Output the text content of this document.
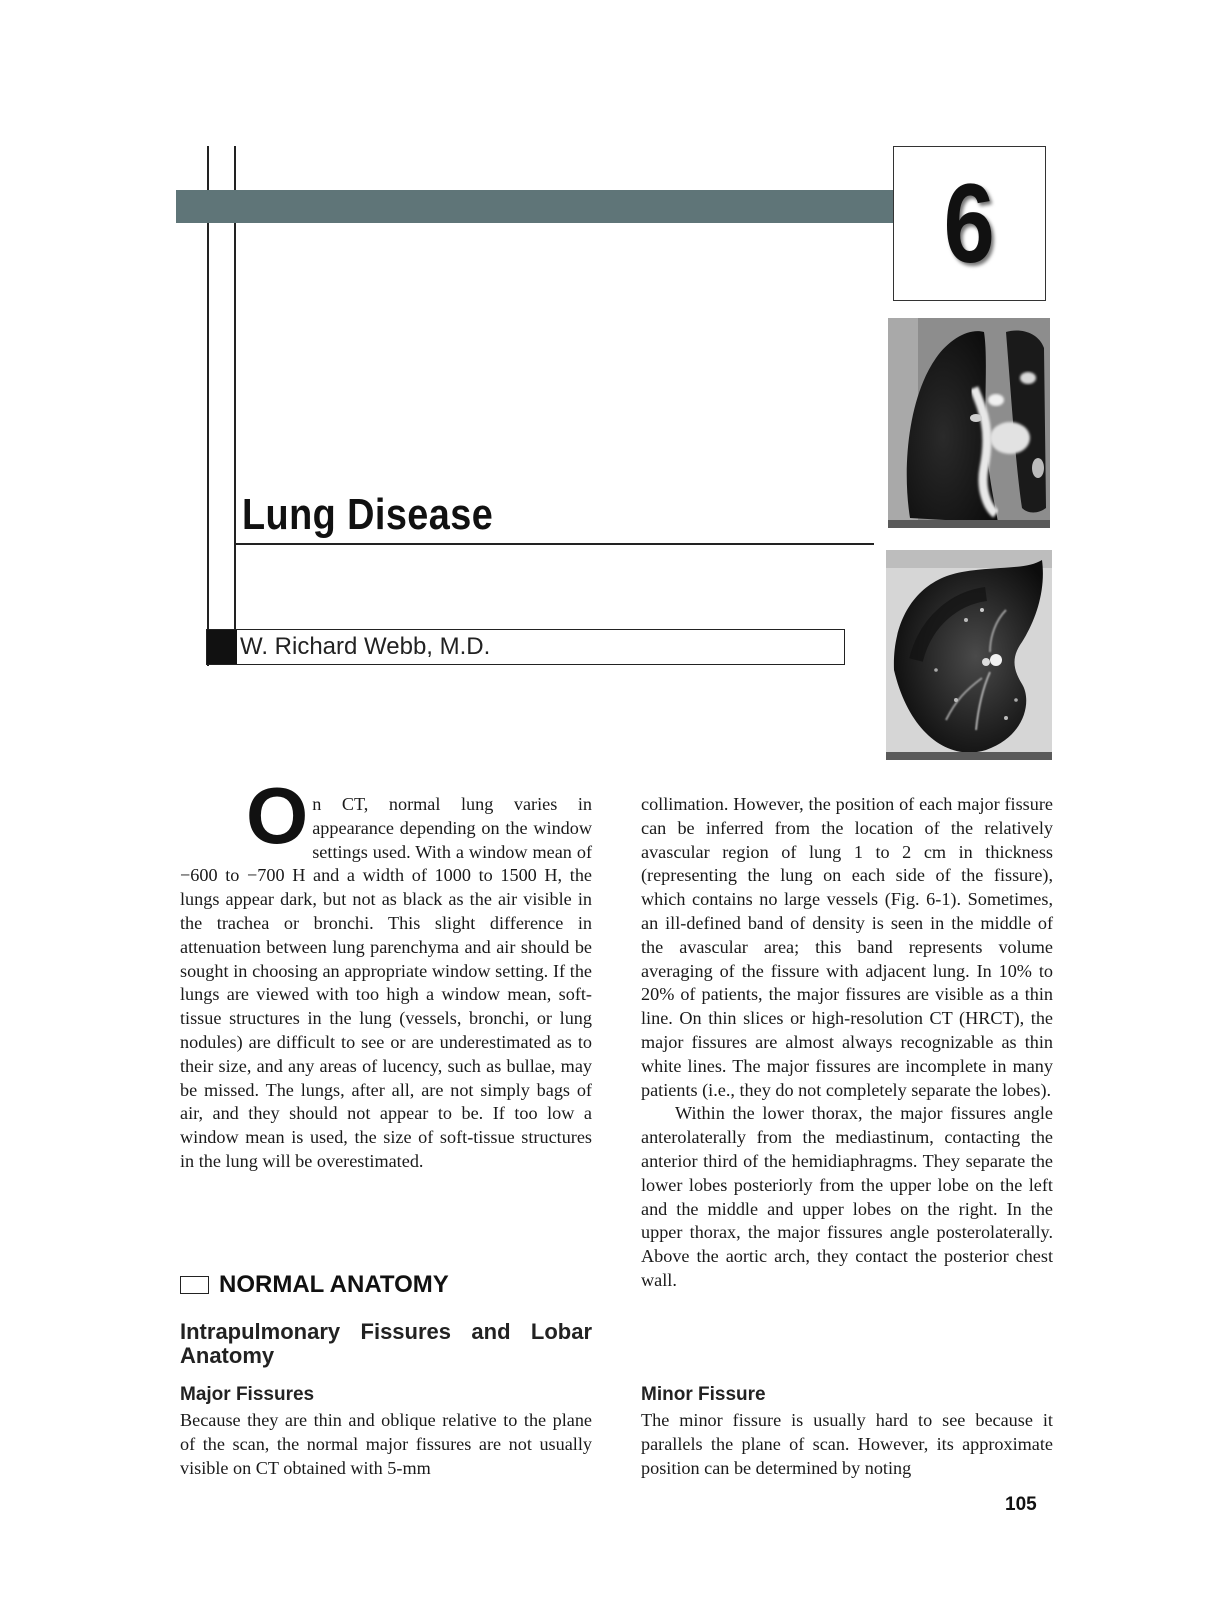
6
Lung Disease

W. Richard Webb, M.D.

On CT, normal lung varies in appearance depending on the window settings used. With a window mean of −600 to −700 H and a width of 1000 to 1500 H, the lungs appear dark, but not as black as the air visible in the trachea or bronchi. This slight difference in attenuation between lung parenchyma and air should be sought in choosing an appropriate window setting. If the lungs are viewed with too high a window mean, soft-tissue structures in the lung (vessels, bronchi, or lung nodules) are difficult to see or are underestimated as to their size, and any areas of lucency, such as bullae, may be missed. The lungs, after all, are not simply bags of air, and they should not appear to be. If too low a window mean is used, the size of soft-tissue structures in the lung will be overestimated.

NORMAL ANATOMY
Intrapulmonary Fissures and Lobar
Anatomy
Major Fissures

Because they are thin and oblique relative to the plane of the scan, the normal major fissures are not usually visible on CT obtained with 5-mm

collimation. However, the position of each major fissure can be inferred from the location of the relatively avascular region of lung 1 to 2 cm in thickness (representing the lung on each side of the fissure), which contains no large vessels (Fig. 6-1). Sometimes, an ill-defined band of density is seen in the middle of the avascular area; this band represents volume averaging of the fissure with adjacent lung. In 10% to 20% of patients, the major fissures are visible as a thin line. On thin slices or high-resolution CT (HRCT), the major fissures are almost always recognizable as thin white lines. The major fissures are incomplete in many patients (i.e., they do not completely separate the lobes).

Within the lower thorax, the major fissures angle anterolaterally from the mediastinum, contacting the anterior third of the hemidiaphragms. They separate the lower lobes posteriorly from the upper lobe on the left and the middle and upper lobes on the right. In the upper thorax, the major fissures angle posterolaterally. Above the aortic arch, they contact the posterior chest wall.

Minor Fissure

The minor fissure is usually hard to see because it parallels the plane of scan. However, its approximate position can be determined by noting

105
